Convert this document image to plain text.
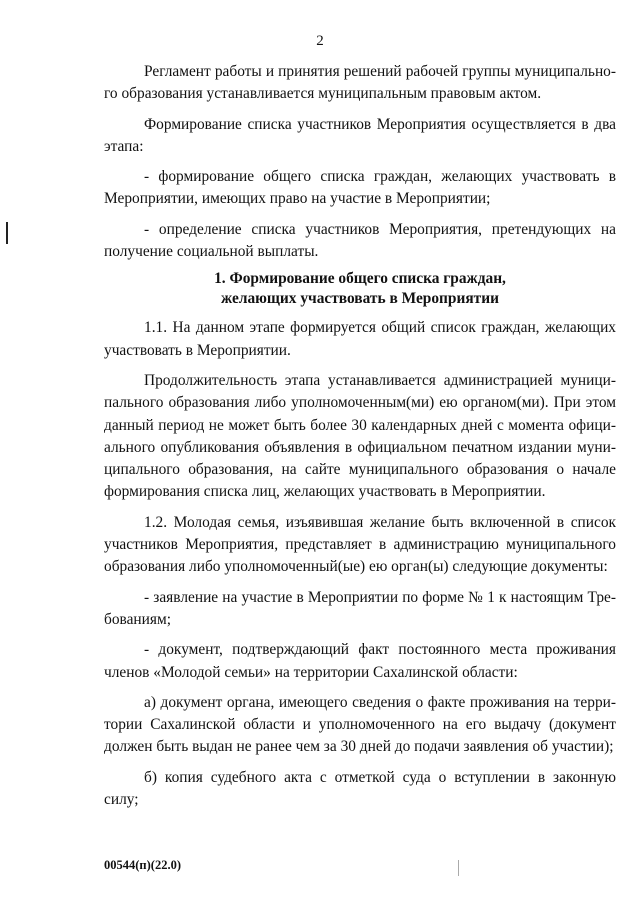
2
Регламент работы и принятия решений рабочей группы муниципально-
го образования устанавливается муниципальным правовым актом.
Формирование списка участников Мероприятия осуществляется в два
этапа:
- формирование общего списка граждан, желающих участвовать в
Мероприятии, имеющих право на участие в Мероприятии;
- определение списка участников Мероприятия, претендующих на
получение социальной выплаты.
1. Формирование общего списка граждан,
желающих участвовать в Мероприятии
1.1. На данном этапе формируется общий список граждан, желающих
участвовать в Мероприятии.
Продолжительность этапа устанавливается администрацией муници-
пального образования либо уполномоченным(ми) ею органом(ми). При этом
данный период не может быть более 30 календарных дней с момента офици-
ального опубликования объявления в официальном печатном издании муни-
ципального образования, на сайте муниципального образования о начале
формирования списка лиц, желающих участвовать в Мероприятии.
1.2. Молодая семья, изъявившая желание быть включенной в список
участников Мероприятия, представляет в администрацию муниципального
образования либо уполномоченный(ые) ею орган(ы) следующие документы:
- заявление на участие в Мероприятии по форме № 1 к настоящим Тре-
бованиям;
- документ, подтверждающий факт постоянного места проживания
членов «Молодой семьи» на территории Сахалинской области:
а) документ органа, имеющего сведения о факте проживания на терри-
тории Сахалинской области и уполномоченного на его выдачу (документ
должен быть выдан не ранее чем за 30 дней до подачи заявления об участии);
б) копия судебного акта с отметкой суда о вступлении в законную
силу;
00544(п)(22.0)
